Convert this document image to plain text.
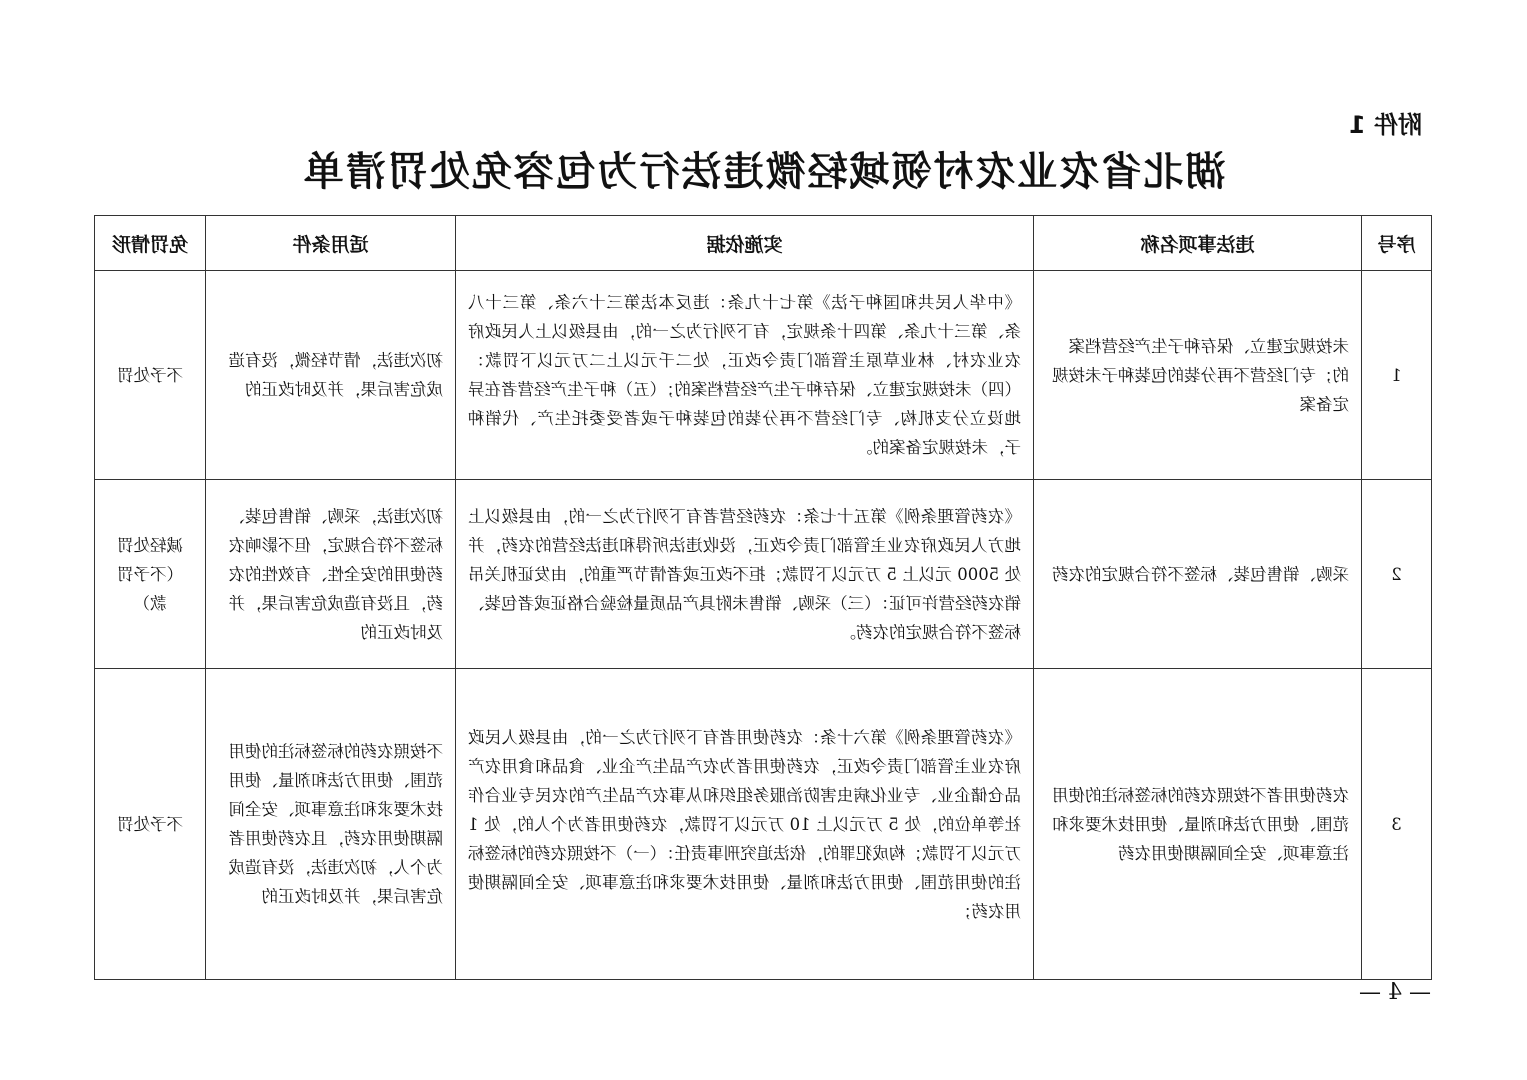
附件 1
湖北省农业农村领域轻微违法行为包容免处罚清单
序号	违法事项名称	实施依据	适用条件	免罚情形
1	未按规定建立、保存种子生产经营档案的；专门经营不再分装的包装种子未按规定备案	《中华人民共和国种子法》第七十九条：违反本法第三十六条、第三十八条、第三十九条、第四十条规定，有下列行为之一的，由县级以上人民政府农业农村、林业草原主管部门责令改正，处二千元以上二万元以下罚款：（四）未按规定建立、保存种子生产经营档案的；（五）种子生产经营者在异地设立分支机构、专门经营不再分装的包装种子或者受委托生产、代销种子，未按规定备案的。	初次违法，情节轻微，没有造成危害后果，并及时改正的	不予处罚
2	采购、销售包装、标签不符合规定的农药	《农药管理条例》第五十七条：农药经营者有下列行为之一的，由县级以上地方人民政府农业主管部门责令改正，没收违法所得和违法经营的农药，并处 5000 元以上 5 万元以下罚款；拒不改正或者情节严重的，由发证机关吊销农药经营许可证：（三）采购、销售未附具产品质量检验合格证或者包装、标签不符合规定的农药。	初次违法，采购、销售包装、标签不符合规定，但不影响农药使用的安全性、有效性的农药，且没有造成危害后果，并及时改正的	减轻处罚（不予罚款）
3	农药使用者不按照农药的标签标注的使用范围、使用方法和剂量、使用技术要求和注意事项、安全间隔期使用农药	《农药管理条例》第六十条：农药使用者有下列行为之一的，由县级人民政府农业主管部门责令改正，农药使用者为农产品生产企业、食品和食用农产品仓储企业、专业化病虫害防治服务组织和从事农产品生产的农民专业合作社等单位的，处 5 万元以上 10 万元以下罚款，农药使用者为个人的，处 1 万元以下罚款；构成犯罪的，依法追究刑事责任：（一）不按照农药的标签标注的使用范围、使用方法和剂量、使用技术要求和注意事项、安全间隔期使用农药；	不按照农药的标签标注的使用范围、使用方法和剂量、使用技术要求和注意事项、安全间隔期使用农药，且农药使用者为个人，初次违法，没有造成危害后果，并及时改正的	不予处罚
— 4 —
